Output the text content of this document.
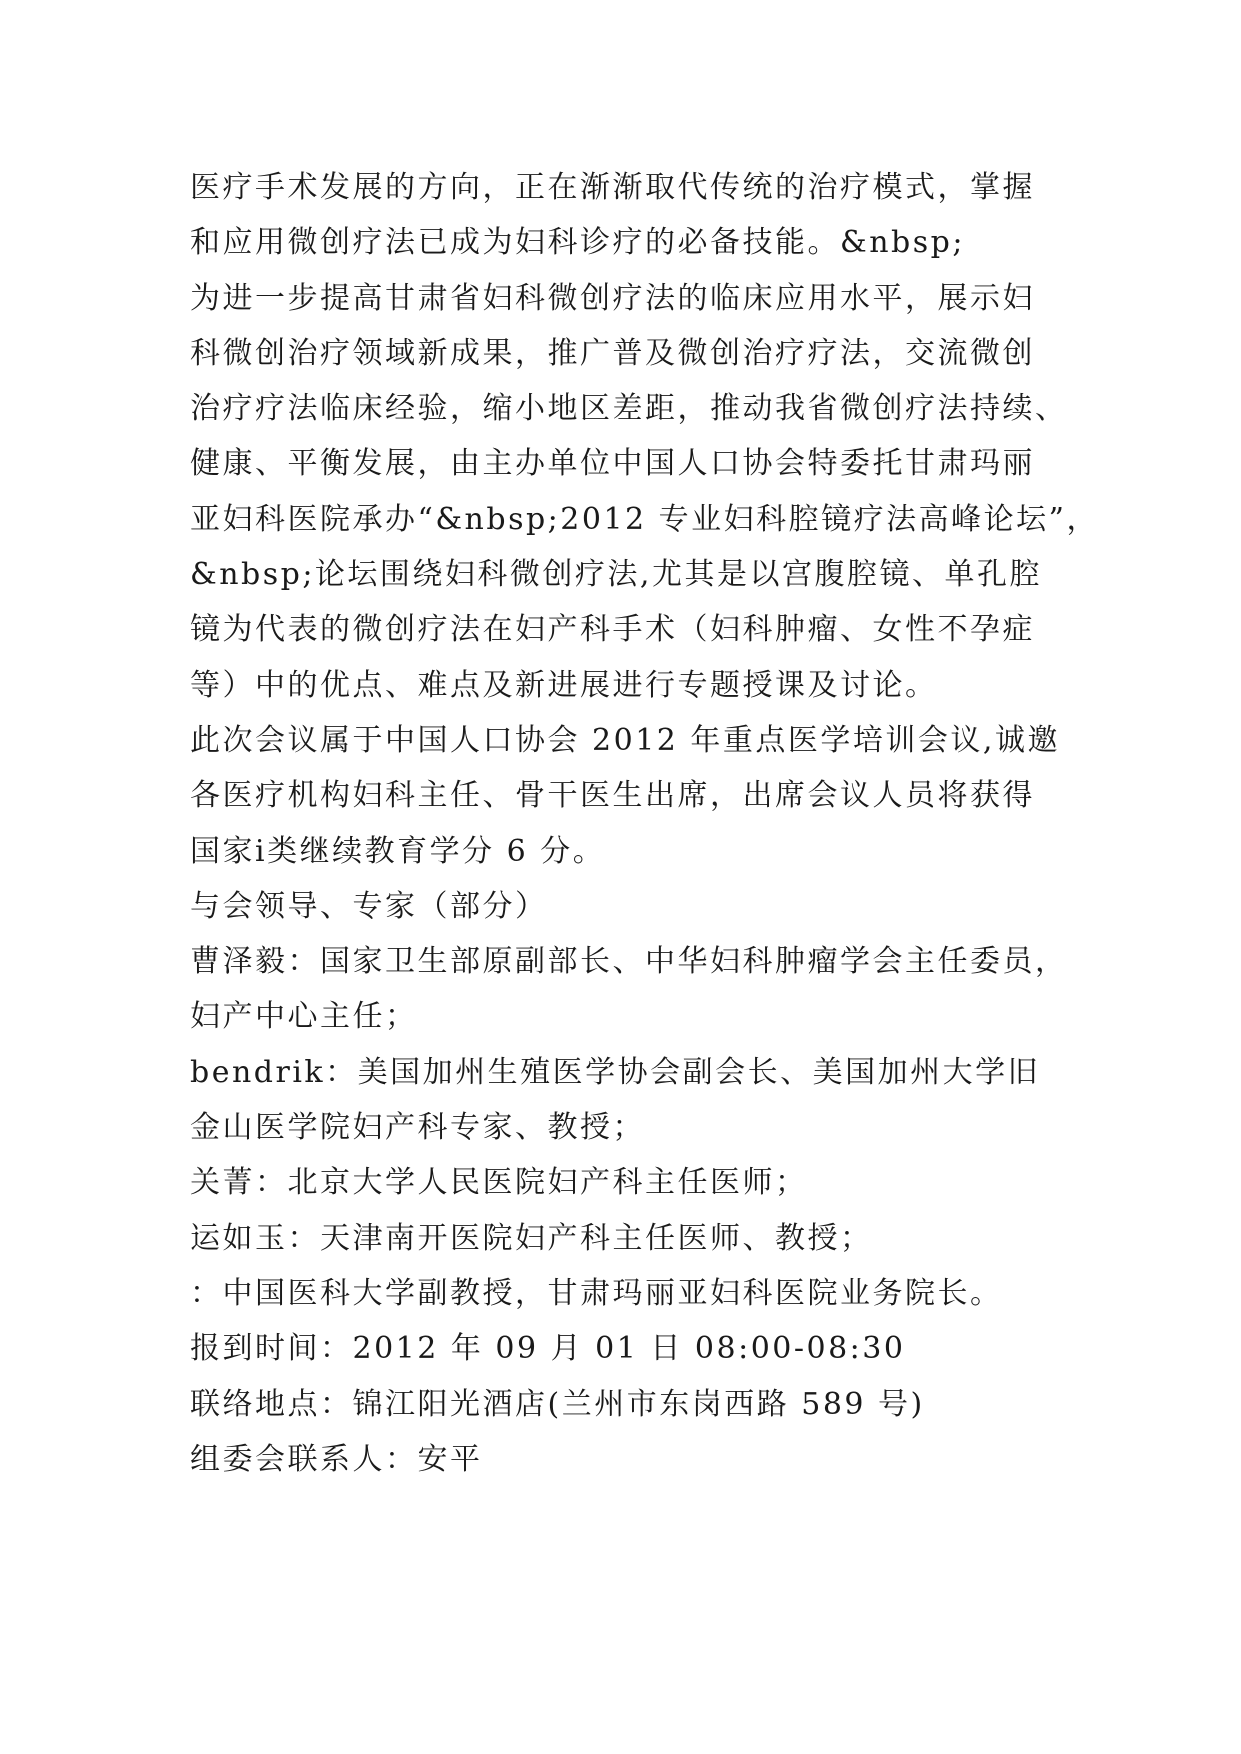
医疗手术发展的方向，正在渐渐取代传统的治疗模式，掌握
和应用微创疗法已成为妇科诊疗的必备技能。&nbsp;
为进一步提高甘肃省妇科微创疗法的临床应用水平，展示妇
科微创治疗领域新成果，推广普及微创治疗疗法，交流微创
治疗疗法临床经验，缩小地区差距，推动我省微创疗法持续、
健康、平衡发展，由主办单位中国人口协会特委托甘肃玛丽
亚妇科医院承办“&nbsp;2012 专业妇科腔镜疗法高峰论坛”，
&nbsp;论坛围绕妇科微创疗法,尤其是以宫腹腔镜、单孔腔
镜为代表的微创疗法在妇产科手术（妇科肿瘤、女性不孕症
等）中的优点、难点及新进展进行专题授课及讨论。
此次会议属于中国人口协会 2012 年重点医学培训会议,诚邀
各医疗机构妇科主任、骨干医生出席，出席会议人员将获得
国家ⅰ类继续教育学分 6 分。
与会领导、专家（部分）
曹泽毅：国家卫生部原副部长、中华妇科肿瘤学会主任委员，
妇产中心主任；
bendrik：美国加州生殖医学协会副会长、美国加州大学旧
金山医学院妇产科专家、教授；
关菁：北京大学人民医院妇产科主任医师；
运如玉：天津南开医院妇产科主任医师、教授；
：中国医科大学副教授，甘肃玛丽亚妇科医院业务院长。
报到时间：2012 年 09 月 01 日 08:00-08:30
联络地点：锦江阳光酒店(兰州市东岗西路 589 号)
组委会联系人：安平
